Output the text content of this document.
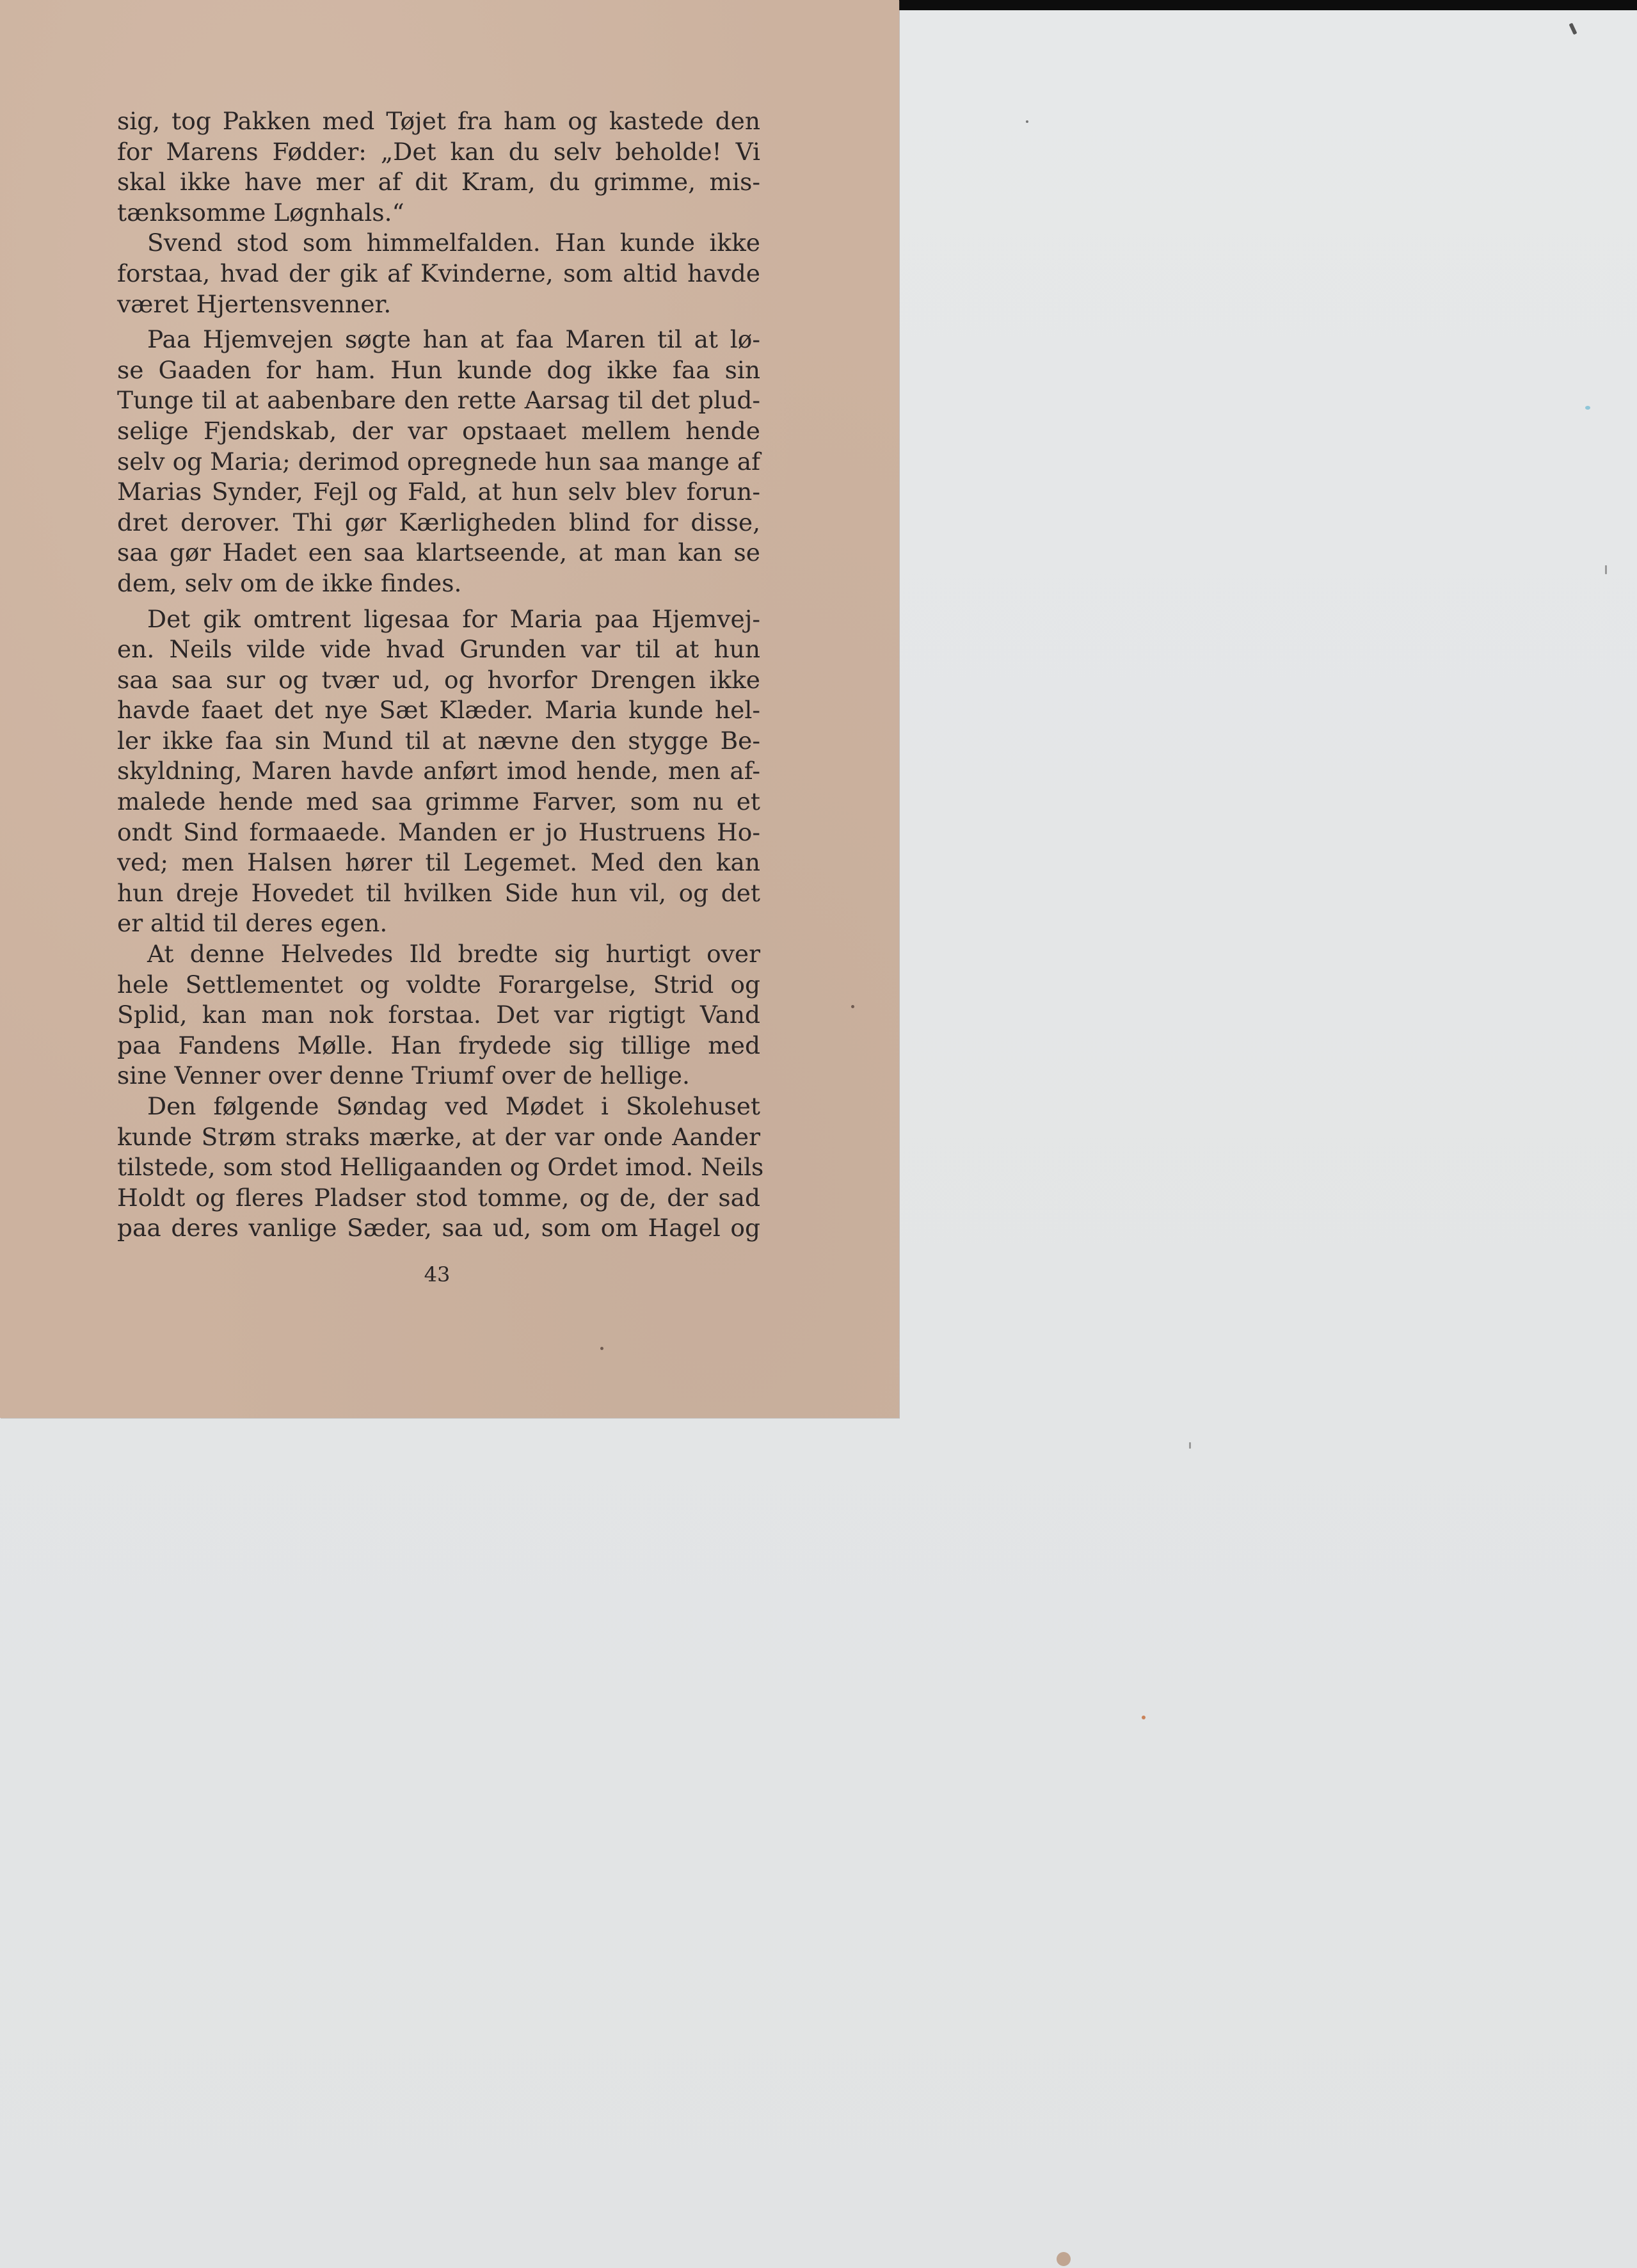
sig, tog Pakken med Tøjet fra ham og kastede den
for Marens Fødder: „Det kan du selv beholde! Vi
skal ikke have mer af dit Kram, du grimme, mis-
tænksomme Løgnhals.“
Svend stod som himmelfalden. Han kunde ikke
forstaa, hvad der gik af Kvinderne, som altid havde
været Hjertensvenner.
Paa Hjemvejen søgte han at faa Maren til at lø-
se Gaaden for ham. Hun kunde dog ikke faa sin
Tunge til at aabenbare den rette Aarsag til det plud-
selige Fjendskab, der var opstaaet mellem hende
selv og Maria; derimod opregnede hun saa mange af
Marias Synder, Fejl og Fald, at hun selv blev forun-
dret derover. Thi gør Kærligheden blind for disse,
saa gør Hadet een saa klartseende, at man kan se
dem, selv om de ikke findes.
Det gik omtrent ligesaa for Maria paa Hjemvej-
en. Neils vilde vide hvad Grunden var til at hun
saa saa sur og tvær ud, og hvorfor Drengen ikke
havde faaet det nye Sæt Klæder. Maria kunde hel-
ler ikke faa sin Mund til at nævne den stygge Be-
skyldning, Maren havde anført imod hende, men af-
malede hende med saa grimme Farver, som nu et
ondt Sind formaaede. Manden er jo Hustruens Ho-
ved; men Halsen hører til Legemet. Med den kan
hun dreje Hovedet til hvilken Side hun vil, og det
er altid til deres egen.
At denne Helvedes Ild bredte sig hurtigt over
hele Settlementet og voldte Forargelse, Strid og
Splid, kan man nok forstaa. Det var rigtigt Vand
paa Fandens Mølle. Han frydede sig tillige med
sine Venner over denne Triumf over de hellige.
Den følgende Søndag ved Mødet i Skolehuset
kunde Strøm straks mærke, at der var onde Aander
tilstede, som stod Helligaanden og Ordet imod. Neils
Holdt og fleres Pladser stod tomme, og de, der sad
paa deres vanlige Sæder, saa ud, som om Hagel og
43
